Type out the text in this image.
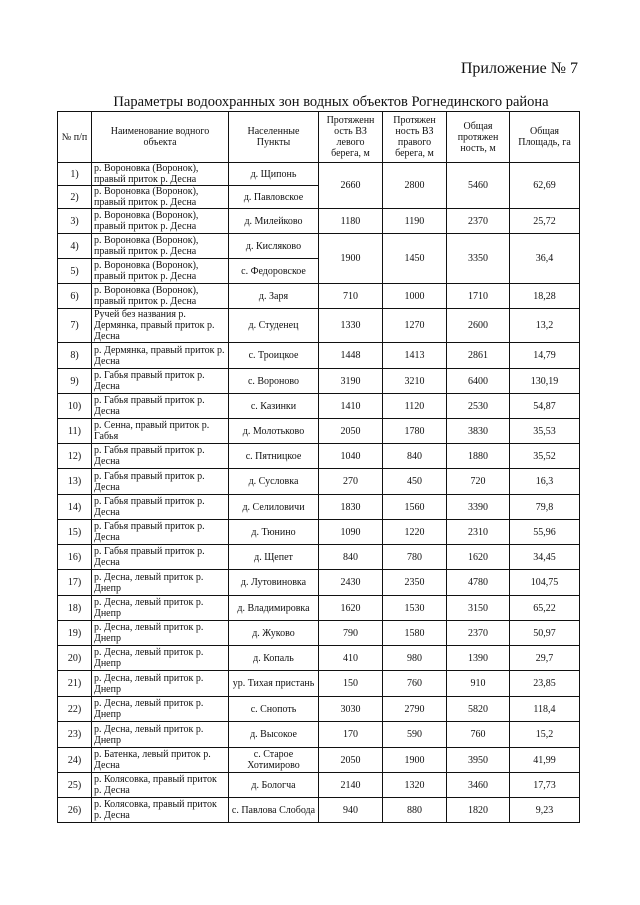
Приложение № 7
Параметры водоохранных зон водных объектов Рогнединского района
№ п/п	Наименование водного объекта	Населенные Пункты	Протяженн ость ВЗ левого берега, м	Протяжен ность ВЗ правого берега, м	Общая протяжен ность, м	Общая Площадь, га
1)	р. Вороновка (Воронок), правый приток р. Десна	д. Щипонь	2660	2800	5460	62,69
2)	р. Вороновка (Воронок), правый приток р. Десна	д. Павловское				
3)	р. Вороновка (Воронок), правый приток р. Десна	д. Милейково	1180	1190	2370	25,72
4)	р. Вороновка (Воронок), правый приток р. Десна	д. Кисляково	1900	1450	3350	36,4
5)	р. Вороновка (Воронок), правый приток р. Десна	с. Федоровское				
6)	р. Вороновка (Воронок), правый приток р. Десна	д. Заря	710	1000	1710	18,28
7)	Ручей без названия р. Дермянка, правый приток р. Десна	д. Студенец	1330	1270	2600	13,2
8)	р. Дермянка, правый приток р. Десна	с. Троицкое	1448	1413	2861	14,79
9)	р. Габья правый приток р. Десна	с. Вороново	3190	3210	6400	130,19
10)	р. Габья правый приток р. Десна	с. Казинки	1410	1120	2530	54,87
11)	р. Сенна, правый приток р. Габья	д. Молотьково	2050	1780	3830	35,53
12)	р. Габья правый приток р. Десна	с. Пятницкое	1040	840	1880	35,52
13)	р. Габья правый приток р. Десна	д. Сусловка	270	450	720	16,3
14)	р. Габья правый приток р. Десна	д. Селиловичи	1830	1560	3390	79,8
15)	р. Габья правый приток р. Десна	д. Тюнино	1090	1220	2310	55,96
16)	р. Габья правый приток р. Десна	д. Щепет	840	780	1620	34,45
17)	р. Десна, левый приток р. Днепр	д. Лутовиновка	2430	2350	4780	104,75
18)	р. Десна, левый приток р. Днепр	д. Владимировка	1620	1530	3150	65,22
19)	р. Десна, левый приток р. Днепр	д. Жуково	790	1580	2370	50,97
20)	р. Десна, левый приток р. Днепр	д. Копаль	410	980	1390	29,7
21)	р. Десна, левый приток р. Днепр	ур. Тихая пристань	150	760	910	23,85
22)	р. Десна, левый приток р. Днепр	с. Снопоть	3030	2790	5820	118,4
23)	р. Десна, левый приток р. Днепр	д. Высокое	170	590	760	15,2
24)	р. Батенка, левый приток р. Десна	с. Старое Хотимирово	2050	1900	3950	41,99
25)	р. Колясовка, правый приток р. Десна	д. Бологча	2140	1320	3460	17,73
26)	р. Колясовка, правый приток р. Десна	с. Павлова Слобода	940	880	1820	9,23
